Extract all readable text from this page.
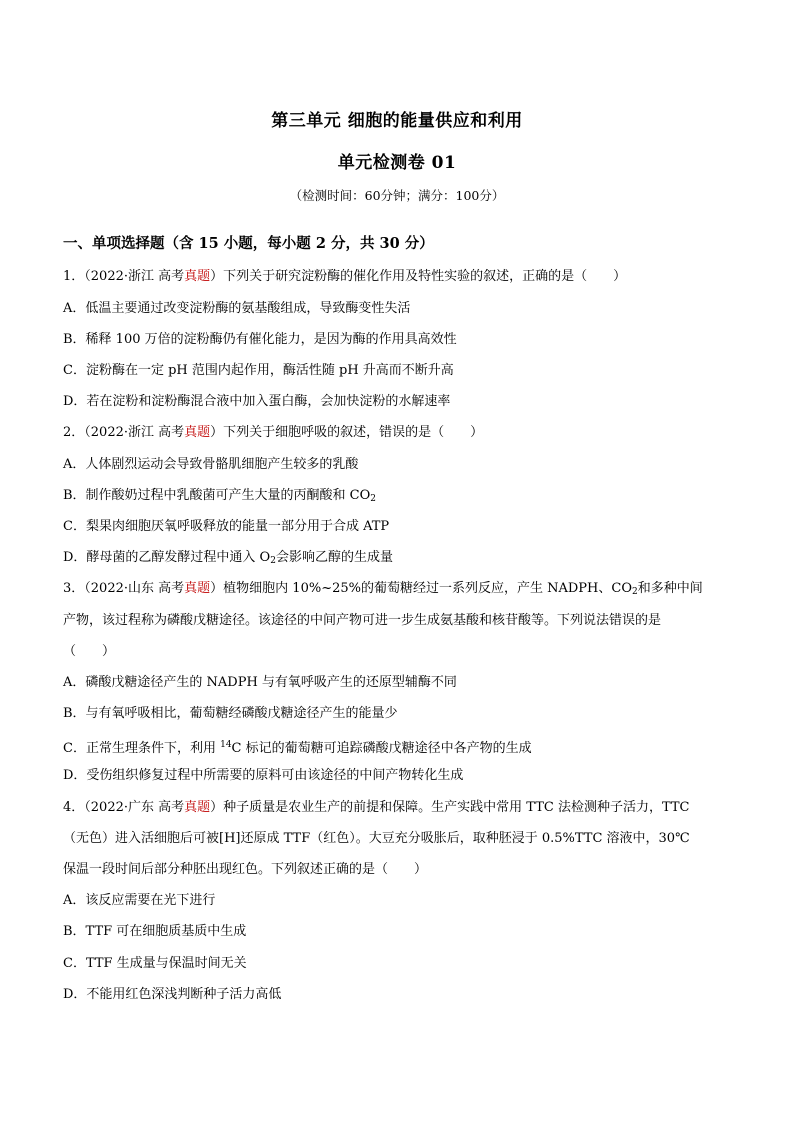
第三单元 细胞的能量供应和利用
单元检测卷 01
（检测时间：60分钟；满分：100分）
一、单项选择题（含 15 小题，每小题 2 分，共 30 分）
1．（2022·浙江 高考真题）下列关于研究淀粉酶的催化作用及特性实验的叙述，正确的是（　　）
A．低温主要通过改变淀粉酶的氨基酸组成，导致酶变性失活
B．稀释 100 万倍的淀粉酶仍有催化能力，是因为酶的作用具高效性
C．淀粉酶在一定 pH 范围内起作用，酶活性随 pH 升高而不断升高
D．若在淀粉和淀粉酶混合液中加入蛋白酶，会加快淀粉的水解速率
2．（2022·浙江 高考真题）下列关于细胞呼吸的叙述，错误的是（　　）
A．人体剧烈运动会导致骨骼肌细胞产生较多的乳酸
B．制作酸奶过程中乳酸菌可产生大量的丙酮酸和 $CO_2$
C．梨果肉细胞厌氧呼吸释放的能量一部分用于合成 ATP
D．酵母菌的乙醇发酵过程中通入 $O_2$会影响乙醇的生成量
3．（2022·山东 高考真题）植物细胞内 10%~25%的葡萄糖经过一系列反应，产生 NADPH、$CO_2$和多种中间
产物，该过程称为磷酸戊糖途径。该途径的中间产物可进一步生成氨基酸和核苷酸等。下列说法错误的是
（　　）
A．磷酸戊糖途径产生的 NADPH 与有氧呼吸产生的还原型辅酶不同
B．与有氧呼吸相比，葡萄糖经磷酸戊糖途径产生的能量少
C．正常生理条件下，利用 $^{14}$C 标记的葡萄糖可追踪磷酸戊糖途径中各产物的生成
D．受伤组织修复过程中所需要的原料可由该途径的中间产物转化生成
4．（2022·广东 高考真题）种子质量是农业生产的前提和保障。生产实践中常用 TTC 法检测种子活力，TTC
（无色）进入活细胞后可被[H]还原成 TTF（红色）。大豆充分吸胀后，取种胚浸于 0.5%TTC 溶液中，30℃
保温一段时间后部分种胚出现红色。下列叙述正确的是（　　）
A．该反应需要在光下进行
B．TTF 可在细胞质基质中生成
C．TTF 生成量与保温时间无关
D．不能用红色深浅判断种子活力高低
